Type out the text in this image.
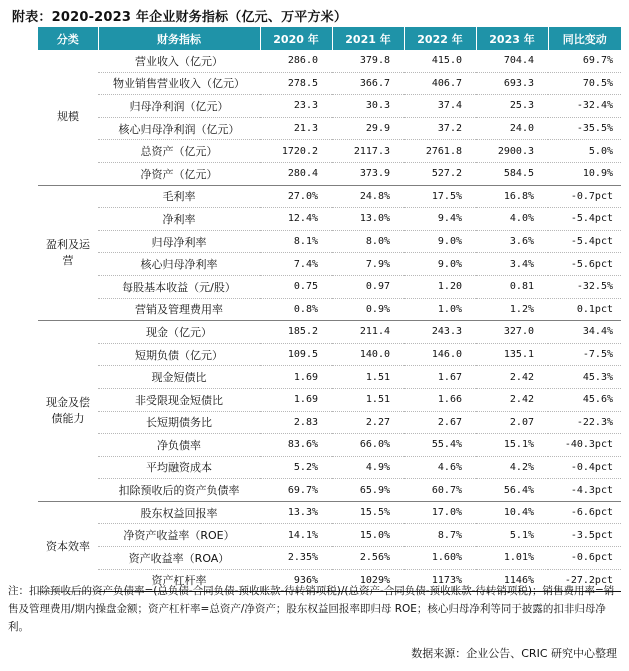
附表：2020-2023 年企业财务指标（亿元、万平方米）
分类	财务指标	2020 年	2021 年	2022 年	2023 年	同比变动
规模	营业收入（亿元）	286.0	379.8	415.0	704.4	69.7%
	物业销售营业收入（亿元）	278.5	366.7	406.7	693.3	70.5%
	归母净利润（亿元）	23.3	30.3	37.4	25.3	-32.4%
	核心归母净利润（亿元）	21.3	29.9	37.2	24.0	-35.5%
	总资产（亿元）	1720.2	2117.3	2761.8	2900.3	5.0%
	净资产（亿元）	280.4	373.9	527.2	584.5	10.9%
盈利及运营	毛利率	27.0%	24.8%	17.5%	16.8%	-0.7pct
	净利率	12.4%	13.0%	9.4%	4.0%	-5.4pct
	归母净利率	8.1%	8.0%	9.0%	3.6%	-5.4pct
	核心归母净利率	7.4%	7.9%	9.0%	3.4%	-5.6pct
	每股基本收益（元/股）	0.75	0.97	1.20	0.81	-32.5%
	营销及管理费用率	0.8%	0.9%	1.0%	1.2%	0.1pct
现金及偿债能力	现金（亿元）	185.2	211.4	243.3	327.0	34.4%
	短期负债（亿元）	109.5	140.0	146.0	135.1	-7.5%
	现金短债比	1.69	1.51	1.67	2.42	45.3%
	非受限现金短债比	1.69	1.51	1.66	2.42	45.6%
	长短期债务比	2.83	2.27	2.67	2.07	-22.3%
	净负债率	83.6%	66.0%	55.4%	15.1%	-40.3pct
	平均融资成本	5.2%	4.9%	4.6%	4.2%	-0.4pct
	扣除预收后的资产负债率	69.7%	65.9%	60.7%	56.4%	-4.3pct
资本效率	股东权益回报率	13.3%	15.5%	17.0%	10.4%	-6.6pct
	净资产收益率（ROE）	14.1%	15.0%	8.7%	5.1%	-3.5pct
	资产收益率（ROA）	2.35%	2.56%	1.60%	1.01%	-0.6pct
	资产杠杆率	936%	1029%	1173%	1146%	-27.2pct
注：扣除预收后的资产负债率=(总负债-合同负债-预收账款-待转销项税)/(总资产-合同负债-预收账款-待转销项税)；销售费用率=销售及管理费用/期内操盘金额；资产杠杆率=总资产/净资产；股东权益回报率即归母 ROE；核心归母净利等同于披露的扣非归母净利。
数据来源：企业公告、CRIC 研究中心整理
